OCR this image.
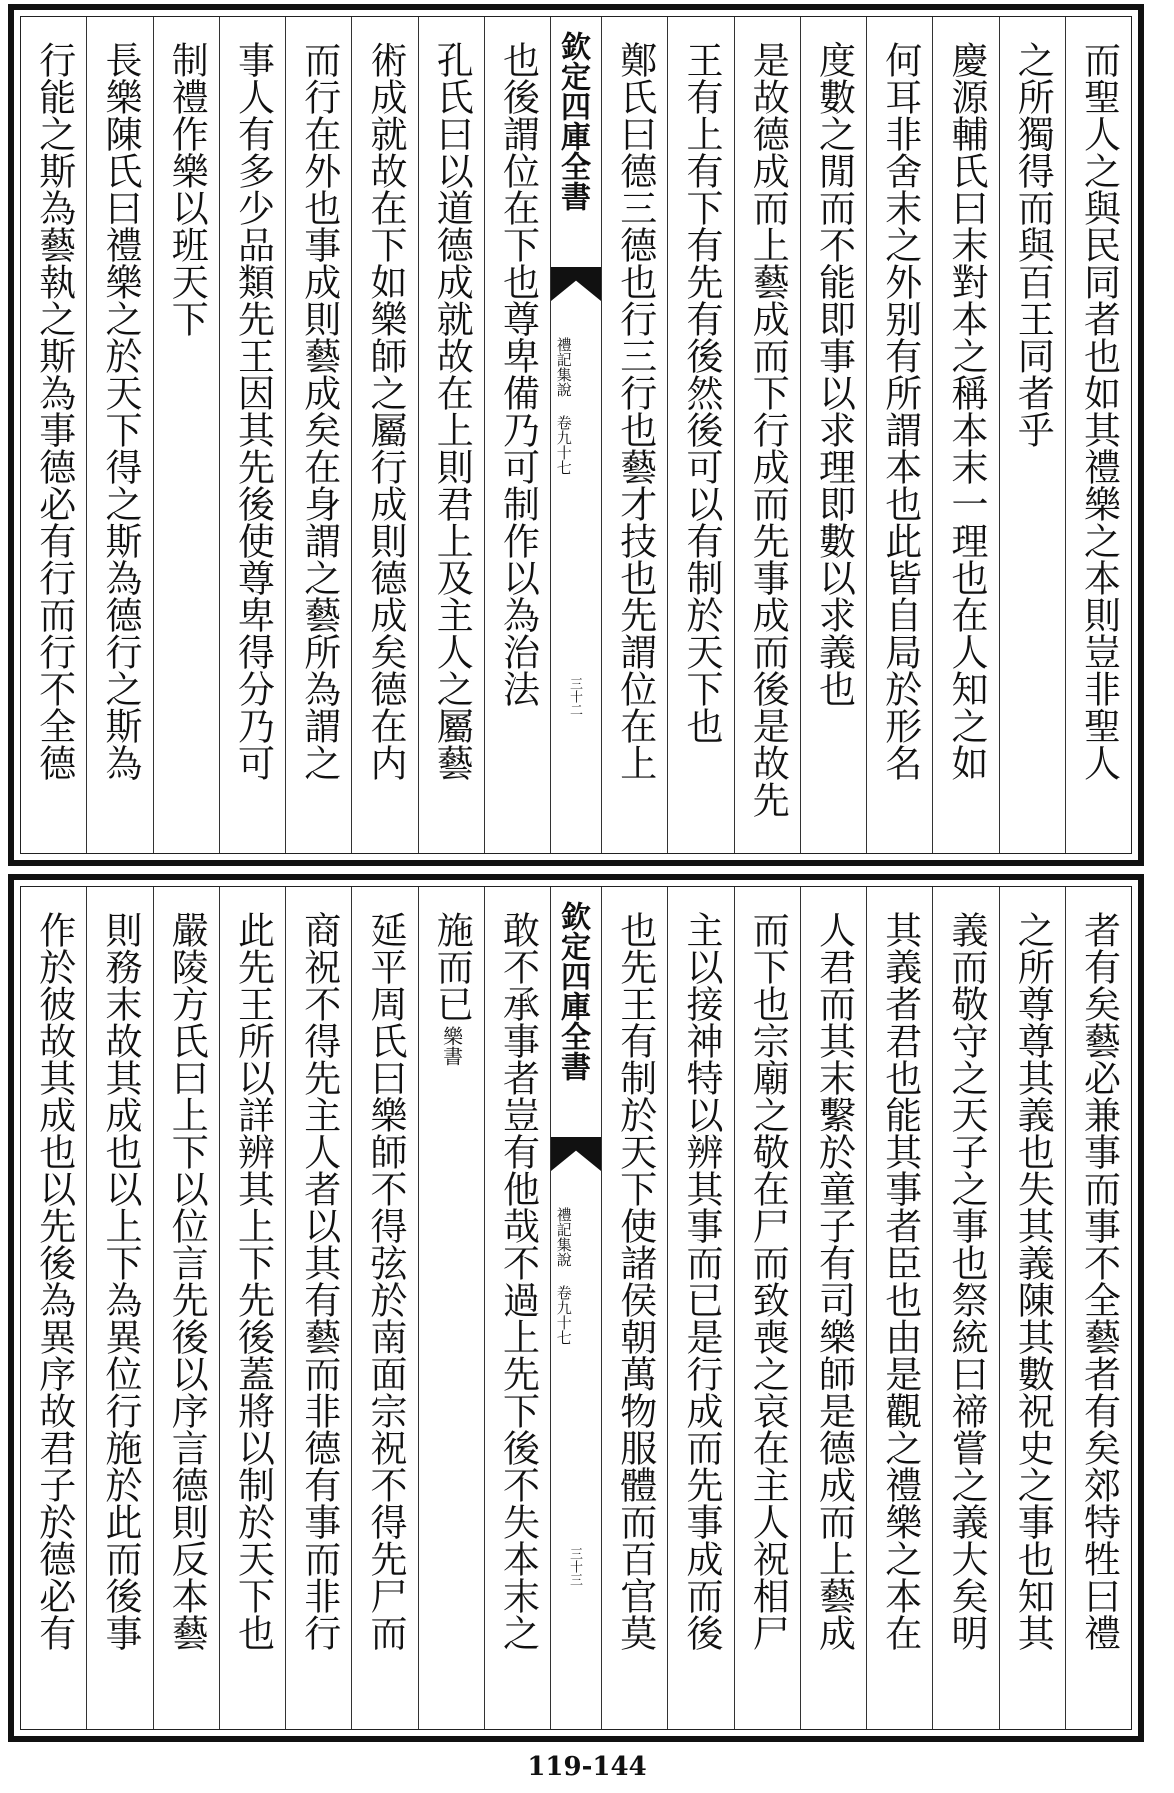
而聖人之與民同者也如其禮樂之本則豈非聖人
之所獨得而與百王同者乎
慶源輔氏曰末對本之稱本末一理也在人知之如
何耳非舍末之外别有所謂本也此皆自局於形名
度數之閒而不能即事以求理即數以求義也
是故德成而上藝成而下行成而先事成而後是故先
王有上有下有先有後然後可以有制於天下也
鄭氏曰德三德也行三行也藝才技也先謂位在上
欽定四庫全書
禮記集說 卷九十七
三十二
也後謂位在下也尊卑備乃可制作以為治法
孔氏曰以道德成就故在上則君上及主人之屬藝
術成就故在下如樂師之屬行成則德成矣德在内
而行在外也事成則藝成矣在身謂之藝所為謂之
事人有多少品類先王因其先後使尊卑得分乃可
制禮作樂以班天下
長樂陳氏曰禮樂之於天下得之斯為德行之斯為
行能之斯為藝執之斯為事德必有行而行不全德
者有矣藝必兼事而事不全藝者有矣郊特牲曰禮
之所尊尊其義也失其義陳其數祝史之事也知其
義而敬守之天子之事也祭統曰禘嘗之義大矣明
其義者君也能其事者臣也由是觀之禮樂之本在
人君而其末繫於童子有司樂師是德成而上藝成
而下也宗廟之敬在尸而致喪之哀在主人祝相尸
主以接神特以辨其事而已是行成而先事成而後
也先王有制於天下使諸侯朝萬物服體而百官莫
欽定四庫全書
禮記集說 卷九十七
三十三
敢不承事者豈有他哉不過上先下後不失本末之
施而已
樂書
延平周氏曰樂師不得弦於南面宗祝不得先尸而
商祝不得先主人者以其有藝而非德有事而非行
此先王所以詳辨其上下先後蓋將以制於天下也
嚴陵方氏曰上下以位言先後以序言德則反本藝
則務末故其成也以上下為異位行施於此而後事
作於彼故其成也以先後為異序故君子於德必有
119-144
